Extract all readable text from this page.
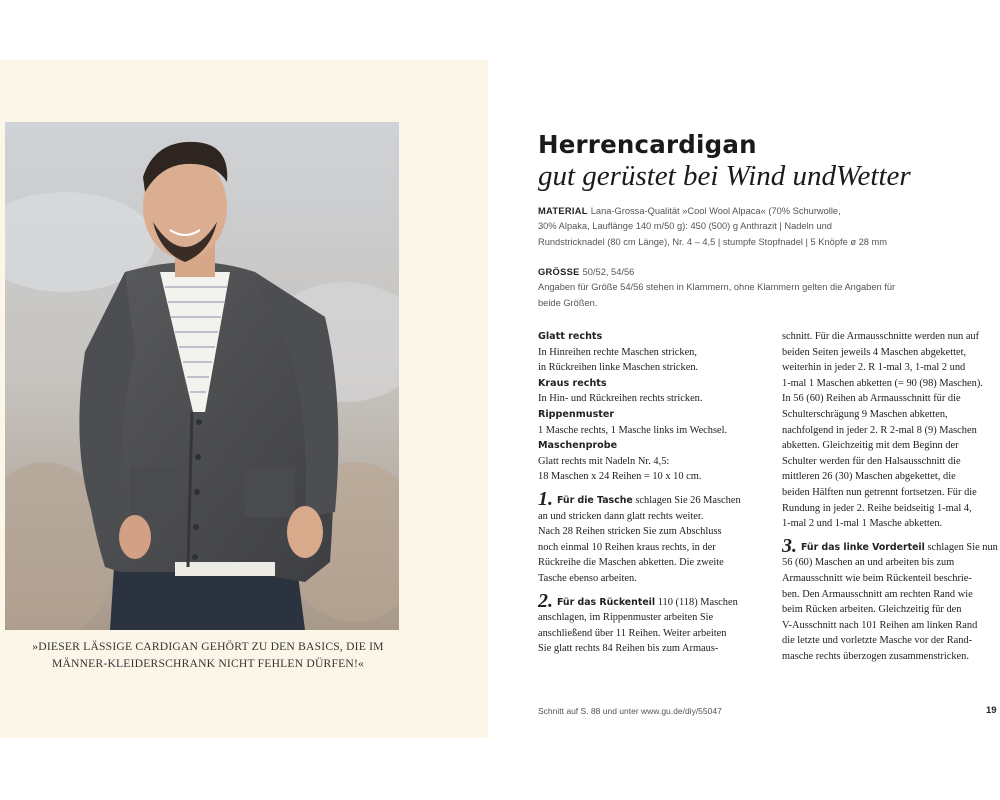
»DIESER LÄSSIGE CARDIGAN GEHÖRT ZU DEN BASICS, DIE IM
MÄNNER-KLEIDERSCHRANK NICHT FEHLEN DÜRFEN!«
Herrencardigan
gut gerüstet bei Wind undWetter
MATERIAL Lana-Grossa-Qualität »Cool Wool Alpaca« (70% Schurwolle,
30% Alpaka, Lauflänge 140 m/50 g): 450 (500) g Anthrazit | Nadeln und
Rundstricknadel (80 cm Länge), Nr. 4 – 4,5 | stumpfe Stopfnadel | 5 Knöpfe ø 28 mm
GRÖSSE 50/52, 54/56
Angaben für Größe 54/56 stehen in Klammern, ohne Klammern gelten die Angaben für
beide Größen.
Glatt rechts
In Hinreihen rechte Maschen stricken,
in Rückreihen linke Maschen stricken.
Kraus rechts
In Hin- und Rückreihen rechts stricken.
Rippenmuster
1 Masche rechts, 1 Masche links im Wechsel.
Maschenprobe
Glatt rechts mit Nadeln Nr. 4,5:
18 Maschen x 24 Reihen = 10 x 10 cm.
1. Für die Tasche schlagen Sie 26 Maschen
an und stricken dann glatt rechts weiter.
Nach 28 Reihen stricken Sie zum Abschluss
noch einmal 10 Reihen kraus rechts, in der
Rückreihe die Maschen abketten. Die zweite
Tasche ebenso arbeiten.
2. Für das Rückenteil 110 (118) Maschen
anschlagen, im Rippenmuster arbeiten Sie
anschließend über 11 Reihen. Weiter arbeiten
Sie glatt rechts 84 Reihen bis zum Armaus-
schnitt. Für die Armausschnitte werden nun auf
beiden Seiten jeweils 4 Maschen abgekettet,
weiterhin in jeder 2. R 1-mal 3, 1-mal 2 und
1-mal 1 Maschen abketten (= 90 (98) Maschen).
In 56 (60) Reihen ab Armausschnitt für die
Schulterschrägung 9 Maschen abketten,
nachfolgend in jeder 2. R 2-mal 8 (9) Maschen
abketten. Gleichzeitig mit dem Beginn der
Schulter werden für den Halsausschnitt die
mittleren 26 (30) Maschen abgekettet, die
beiden Hälften nun getrennt fortsetzen. Für die
Rundung in jeder 2. Reihe beidseitig 1-mal 4,
1-mal 2 und 1-mal 1 Masche abketten.
3. Für das linke Vorderteil schlagen Sie nun
56 (60) Maschen an und arbeiten bis zum
Armausschnitt wie beim Rückenteil beschrie-
ben. Den Armausschnitt am rechten Rand wie
beim Rücken arbeiten. Gleichzeitig für den
V-Ausschnitt nach 101 Reihen am linken Rand
die letzte und vorletzte Masche vor der Rand-
masche rechts überzogen zusammenstricken.
Schnitt auf S. 88 und unter www.gu.de/diy/55047	19
